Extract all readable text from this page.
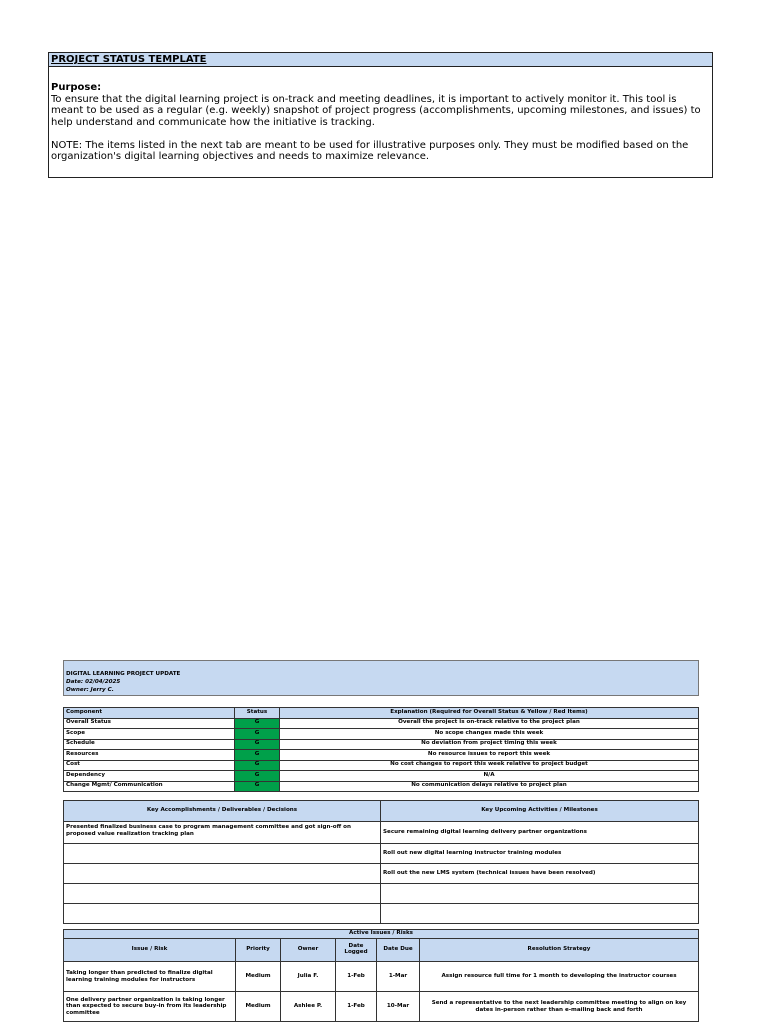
PROJECT STATUS TEMPLATE

Purpose:

To ensure that the digital learning project is on-track and meeting deadlines, it is important to actively monitor it. This tool is

meant to be used as a regular (e.g. weekly) snapshot of project progress (accomplishments, upcoming milestones, and issues) to

help understand and communicate how the initiative is tracking.

NOTE: The items listed in the next tab are meant to be used for illustrative purposes only. They must be modified based on the

organization's digital learning objectives and needs to maximize relevance.

DIGITAL LEARNING PROJECT UPDATE
Date: 02/04/2025
Owner: Jerry C.
Component	Status	Explanation (Required for Overall Status & Yellow / Red Items)
Overall Status	G	Overall the project is on-track relative to the project plan
Scope	G	No scope changes made this week
Schedule	G	No deviation from project timing this week
Resources	G	No resource issues to report this week
Cost	G	No cost changes to report this week relative to project budget
Dependency	G	N/A
Change Mgmt/ Communication	G	No communication delays relative to project plan
Key Accomplishments / Deliverables / Decisions	Key Upcoming Activities / Milestones
Presented finalized business case to program management committee and got sign-off on proposed value realization tracking plan	Secure remaining digital learning delivery partner organizations
	Roll out new digital learning instructor training modules
	Roll out the new LMS system (technical issues have been resolved)

Active Issues / Risks					
Issue / Risk	Priority	Owner	Date Logged	Date Due	Resolution Strategy
Taking longer than predicted to finalize digital learning training modules for instructors	Medium	Julia F.	1-Feb	1-Mar	Assign resource full time for 1 month to developing the instructor courses
One delivery partner organization is taking longer than expected to secure buy-in from its leadership committee	Medium	Ashlee P.	1-Feb	10-Mar	Send a representative to the next leadership committee meeting to align on key dates in-person rather than e-mailing back and forth
